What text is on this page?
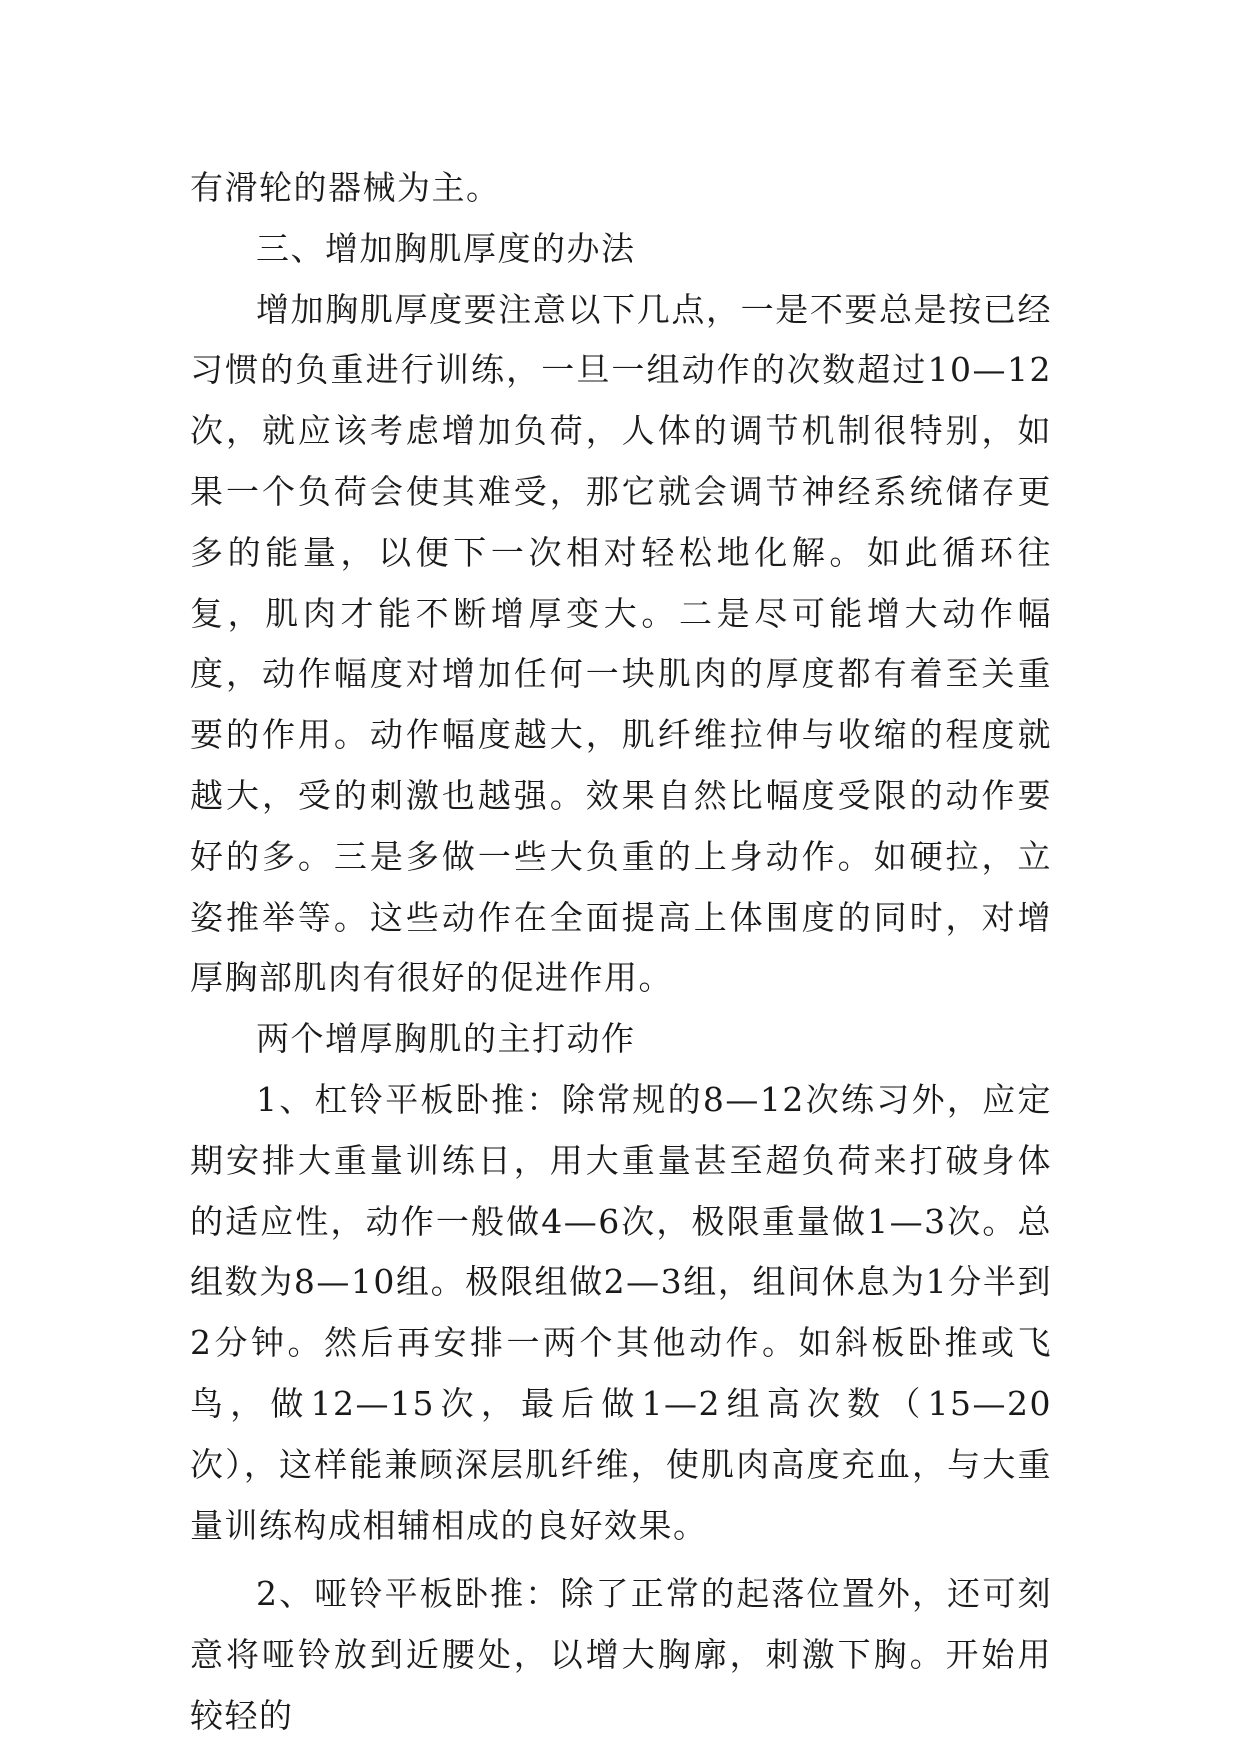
有滑轮的器械为主。

三、增加胸肌厚度的办法

增加胸肌厚度要注意以下几点，一是不要总是按已经习惯的负重进行训练，一旦一组动作的次数超过10—12次，就应该考虑增加负荷，人体的调节机制很特别，如果一个负荷会使其难受，那它就会调节神经系统储存更多的能量，以便下一次相对轻松地化解。如此循环往复，肌肉才能不断增厚变大。二是尽可能增大动作幅度，动作幅度对增加任何一块肌肉的厚度都有着至关重要的作用。动作幅度越大，肌纤维拉伸与收缩的程度就越大，受的刺激也越强。效果自然比幅度受限的动作要好的多。三是多做一些大负重的上身动作。如硬拉，立姿推举等。这些动作在全面提高上体围度的同时，对增厚胸部肌肉有很好的促进作用。

两个增厚胸肌的主打动作

1、杠铃平板卧推：除常规的8—12次练习外，应定期安排大重量训练日，用大重量甚至超负荷来打破身体的适应性，动作一般做4—6次，极限重量做1—3次。总组数为8—10组。极限组做2—3组，组间休息为1分半到2分钟。然后再安排一两个其他动作。如斜板卧推或飞鸟，做12—15次，最后做1—2组高次数（15—20次），这样能兼顾深层肌纤维，使肌肉高度充血，与大重量训练构成相辅相成的良好效果。

2、哑铃平板卧推：除了正常的起落位置外，还可刻意将哑铃放到近腰处，以增大胸廓，刺激下胸。开始用较轻的
